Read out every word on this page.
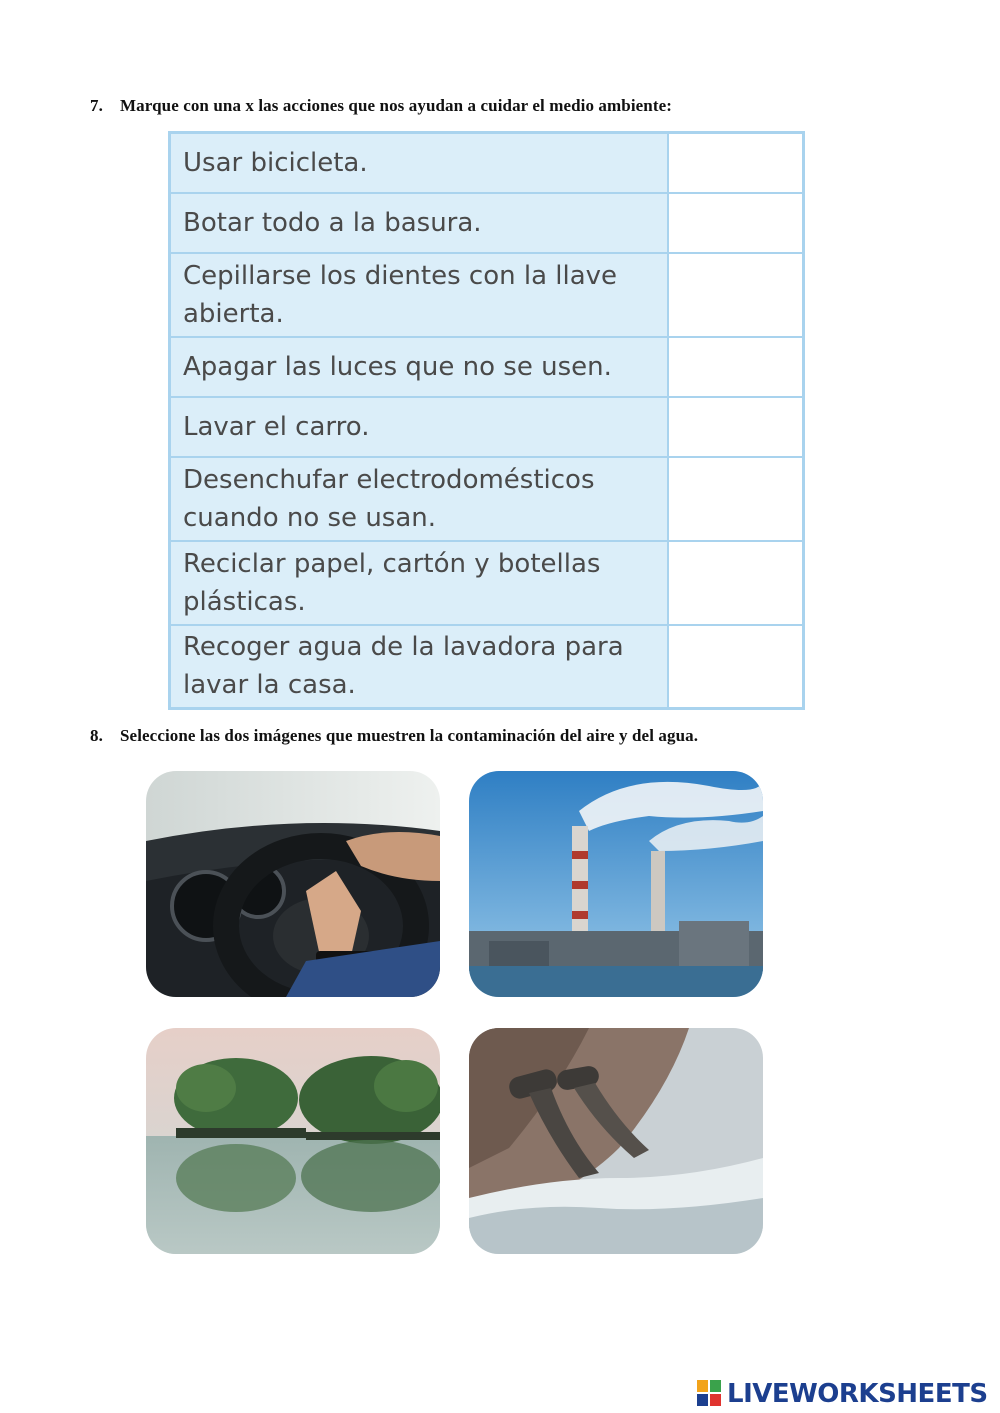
7. Marque con una x las acciones que nos ayudan a cuidar el medio ambiente:
Usar bicicleta.	
Botar todo a la basura.	
Cepillarse los dientes con la llave
abierta.	
Apagar las luces que no se usen.	
Lavar el carro.	
Desenchufar electrodomésticos
cuando no se usan.	
Reciclar papel, cartón y botellas
plásticas.	
Recoger agua de la lavadora para
lavar la casa.	
8. Seleccione las dos imágenes que muestren la contaminación del aire y del agua.
LIVEWORKSHEETS
